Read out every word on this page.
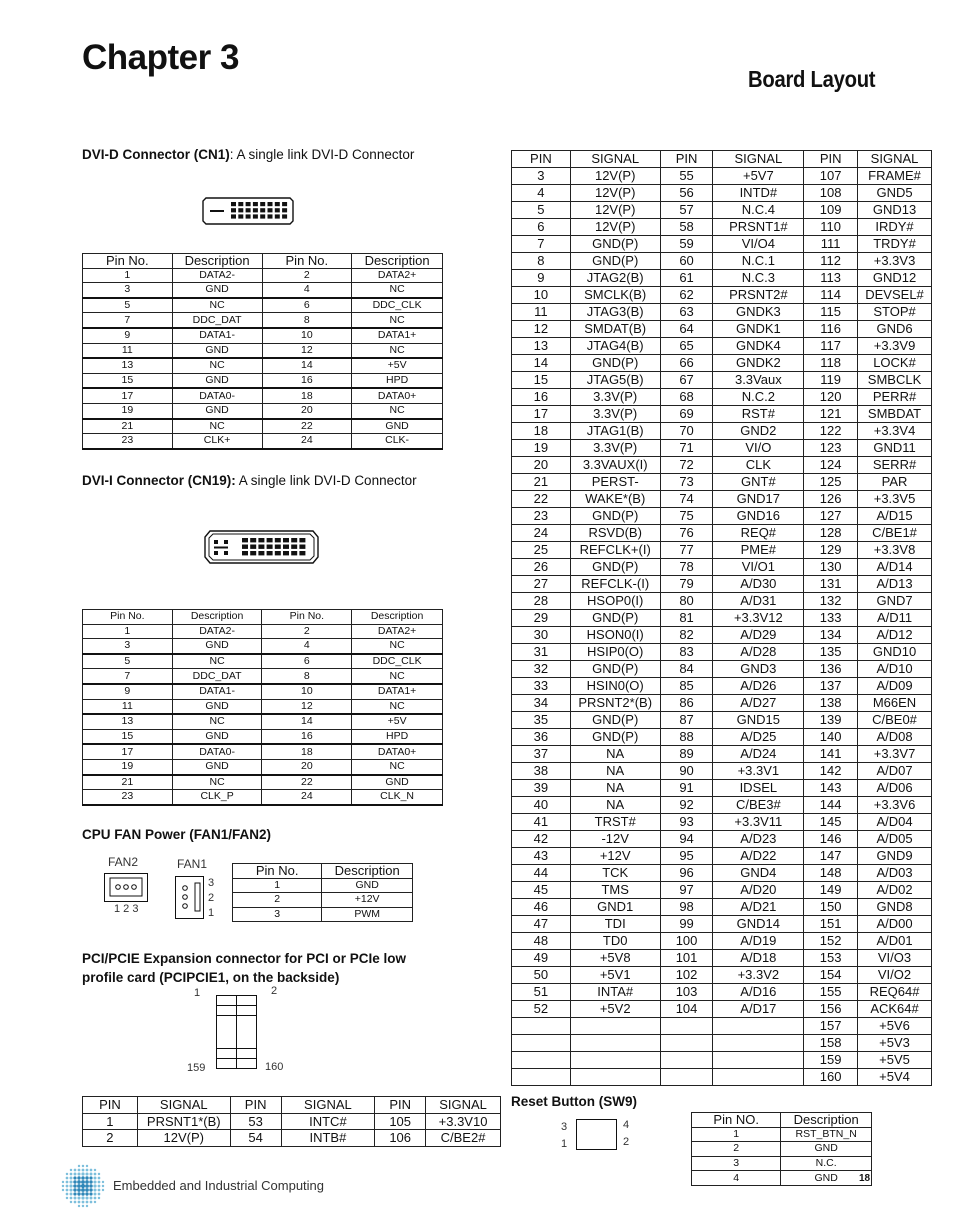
Chapter 3
Board Layout
DVI-D Connector (CN1): A single link DVI-D Connector
Pin No.	Description	Pin No.	Description
1	DATA2-	2	DATA2+
3	GND	4	NC
5	NC	6	DDC_CLK
7	DDC_DAT	8	NC
9	DATA1-	10	DATA1+
11	GND	12	NC
13	NC	14	+5V
15	GND	16	HPD
17	DATA0-	18	DATA0+
19	GND	20	NC
21	NC	22	GND
23	CLK+	24	CLK-
DVI-I Connector (CN19): A single link DVI-D Connector
Pin No.	Description	Pin No.	Description
1	DATA2-	2	DATA2+
3	GND	4	NC
5	NC	6	DDC_CLK
7	DDC_DAT	8	NC
9	DATA1-	10	DATA1+
11	GND	12	NC
13	NC	14	+5V
15	GND	16	HPD
17	DATA0-	18	DATA0+
19	GND	20	NC
21	NC	22	GND
23	CLK_P	24	CLK_N
CPU FAN Power (FAN1/FAN2)
FAN2	FAN1
1 2 3
3
2
1
Pin No.	Description
1	GND
2	+12V
3	PWM
PCI/PCIE Expansion connector for PCI or PCIe low
profile card (PCIPCIE1, on the backside)
1	2
159	160
PIN	SIGNAL	PIN	SIGNAL	PIN	SIGNAL
1	PRSNT1*(B)	53	INTC#	105	+3.3V10
2	12V(P)	54	INTB#	106	C/BE2#
PIN	SIGNAL	PIN	SIGNAL	PIN	SIGNAL
3	12V(P)	55	+5V7	107	FRAME#
4	12V(P)	56	INTD#	108	GND5
5	12V(P)	57	N.C.4	109	GND13
6	12V(P)	58	PRSNT1#	110	IRDY#
7	GND(P)	59	VI/O4	111	TRDY#
8	GND(P)	60	N.C.1	112	+3.3V3
9	JTAG2(B)	61	N.C.3	113	GND12
10	SMCLK(B)	62	PRSNT2#	114	DEVSEL#
11	JTAG3(B)	63	GNDK3	115	STOP#
12	SMDAT(B)	64	GNDK1	116	GND6
13	JTAG4(B)	65	GNDK4	117	+3.3V9
14	GND(P)	66	GNDK2	118	LOCK#
15	JTAG5(B)	67	3.3Vaux	119	SMBCLK
16	3.3V(P)	68	N.C.2	120	PERR#
17	3.3V(P)	69	RST#	121	SMBDAT
18	JTAG1(B)	70	GND2	122	+3.3V4
19	3.3V(P)	71	VI/O	123	GND11
20	3.3VAUX(I)	72	CLK	124	SERR#
21	PERST-	73	GNT#	125	PAR
22	WAKE*(B)	74	GND17	126	+3.3V5
23	GND(P)	75	GND16	127	A/D15
24	RSVD(B)	76	REQ#	128	C/BE1#
25	REFCLK+(I)	77	PME#	129	+3.3V8
26	GND(P)	78	VI/O1	130	A/D14
27	REFCLK-(I)	79	A/D30	131	A/D13
28	HSOP0(I)	80	A/D31	132	GND7
29	GND(P)	81	+3.3V12	133	A/D11
30	HSON0(I)	82	A/D29	134	A/D12
31	HSIP0(O)	83	A/D28	135	GND10
32	GND(P)	84	GND3	136	A/D10
33	HSIN0(O)	85	A/D26	137	A/D09
34	PRSNT2*(B)	86	A/D27	138	M66EN
35	GND(P)	87	GND15	139	C/BE0#
36	GND(P)	88	A/D25	140	A/D08
37	NA	89	A/D24	141	+3.3V7
38	NA	90	+3.3V1	142	A/D07
39	NA	91	IDSEL	143	A/D06
40	NA	92	C/BE3#	144	+3.3V6
41	TRST#	93	+3.3V11	145	A/D04
42	-12V	94	A/D23	146	A/D05
43	+12V	95	A/D22	147	GND9
44	TCK	96	GND4	148	A/D03
45	TMS	97	A/D20	149	A/D02
46	GND1	98	A/D21	150	GND8
47	TDI	99	GND14	151	A/D00
48	TD0	100	A/D19	152	A/D01
49	+5V8	101	A/D18	153	VI/O3
50	+5V1	102	+3.3V2	154	VI/O2
51	INTA#	103	A/D16	155	REQ64#
52	+5V2	104	A/D17	156	ACK64#
				157	+5V6
				158	+5V3
				159	+5V5
				160	+5V4
Reset Button (SW9)
3	4
1	2
Pin NO.	Description
1	RST_BTN_N
2	GND
3	N.C.
4	GND
Embedded and Industrial Computing	18
